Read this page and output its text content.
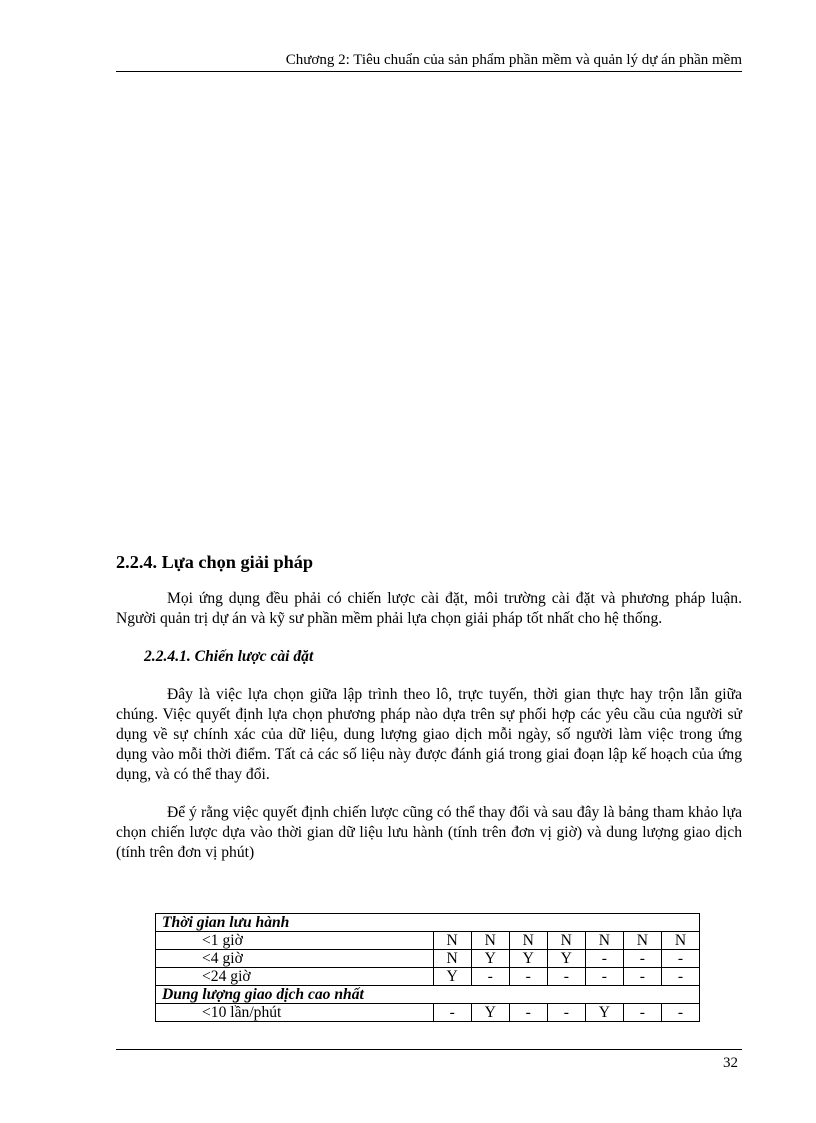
Chương 2: Tiêu chuẩn của sản phẩm phần mềm và quản lý dự án phần mềm
2.2.4. Lựa chọn giải pháp

Mọi ứng dụng đều phải có chiến lược cài đặt, môi trường cài đặt và phương pháp luận. Người quản trị dự án và kỹ sư phần mềm phải lựa chọn giải pháp tốt nhất cho hệ thống.

2.2.4.1. Chiến lược cài đặt

Đây là việc lựa chọn giữa lập trình theo lô, trực tuyến, thời gian thực hay trộn lẫn giữa chúng. Việc quyết định lựa chọn phương pháp nào dựa trên sự phối hợp các yêu cầu của người sử dụng về sự chính xác của dữ liệu, dung lượng giao dịch mỗi ngày, số người làm việc trong ứng dụng vào mỗi thời điểm. Tất cả các số liệu này được đánh giá trong giai đoạn lập kế hoạch của ứng dụng, và có thể thay đổi.

Để ý rằng việc quyết định chiến lược cũng có thể thay đổi và sau đây là bảng tham khảo lựa chọn chiến lược dựa vào thời gian dữ liệu lưu hành (tính trên đơn vị giờ) và dung lượng giao dịch (tính trên đơn vị phút)

Thời gian lưu hành							
<1 giờ	N	N	N	N	N	N	N
<4 giờ	N	Y	Y	Y	-	-	-
<24 giờ	Y	-	-	-	-	-	-
Dung lượng giao dịch cao nhất							
<10 lần/phút	-	Y	-	-	Y	-	-
32
